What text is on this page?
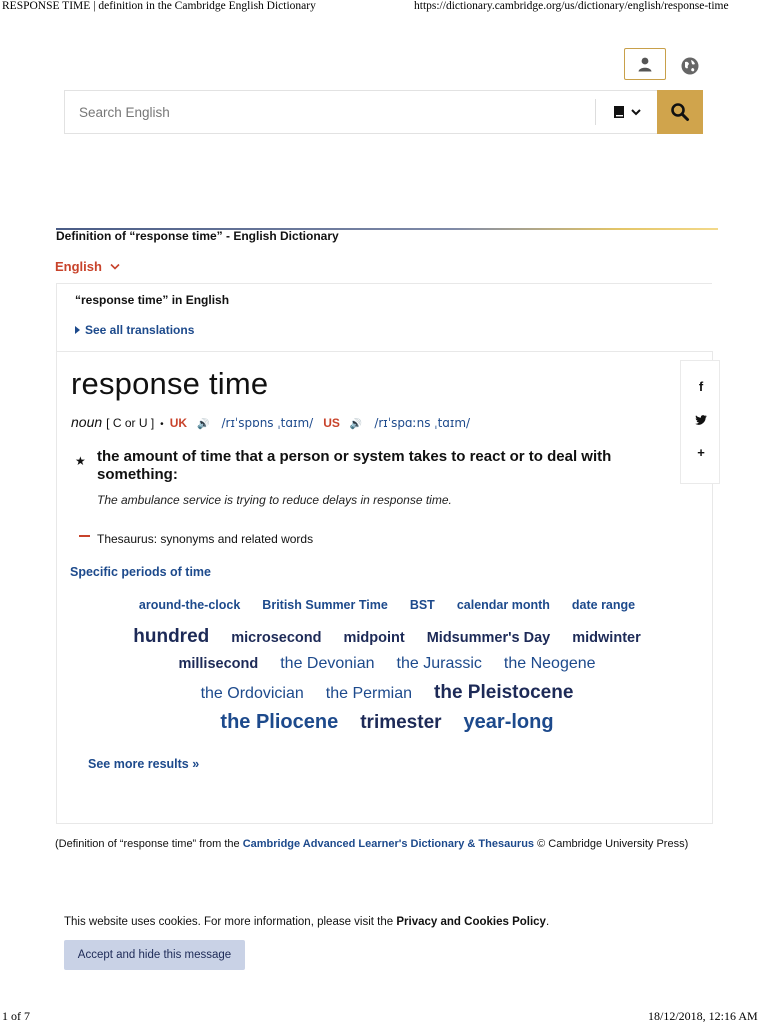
RESPONSE TIME | definition in the Cambridge English Dictionary	https://dictionary.cambridge.org/us/dictionary/english/response-time
Search English
Definition of “response time” - English Dictionary
English
“response time” in English
See all translations
response time
noun [ C or U ] • UK 🔊 /rɪˈspɒns ˌtɑɪm/ US 🔊 /rɪˈspɑːns ˌtɑɪm/
★ the amount of time that a person or system takes to react or to deal with something:
The ambulance service is trying to reduce delays in response time.
Thesaurus: synonyms and related words
Specific periods of time
around-the-clock British Summer Time BST calendar month date range
hundred microsecond midpoint Midsummer's Day midwinter
millisecond the Devonian the Jurassic the Neogene
the Ordovician the Permian the Pleistocene
the Pliocene trimester year-long
See more results »
f
+
(Definition of “response time” from the Cambridge Advanced Learner's Dictionary & Thesaurus © Cambridge University Press)
This website uses cookies. For more information, please visit the Privacy and Cookies Policy.
Accept and hide this message
1 of 7	18/12/2018, 12:16 AM
